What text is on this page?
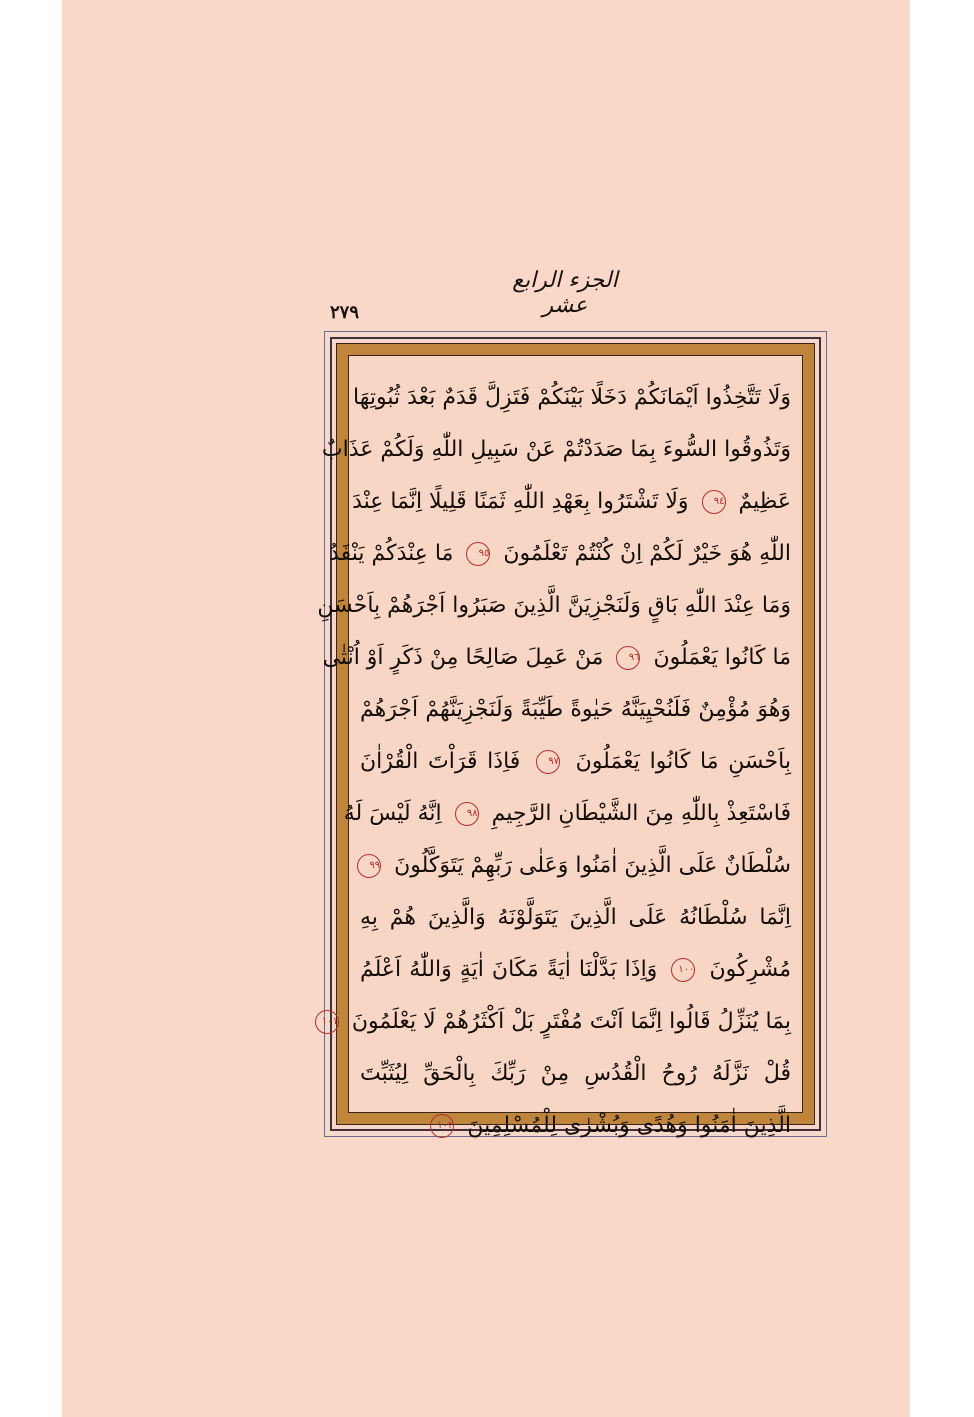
الجزء الرابع عشر
٢٧٩
وَلَا تَتَّخِذُوا اَيْمَانَكُمْ دَخَلًا بَيْنَكُمْ فَتَزِلَّ قَدَمٌ بَعْدَ ثُبُوتِهَا
وَتَذُوقُوا السُّوءَ بِمَا صَدَدْتُمْ عَنْ سَبِيلِ اللّٰهِ وَلَكُمْ عَذَابٌ
عَظِيمٌ ٩٤ وَلَا تَشْتَرُوا بِعَهْدِ اللّٰهِ ثَمَنًا قَلِيلًا اِنَّمَا عِنْدَ
اللّٰهِ هُوَ خَيْرٌ لَكُمْ اِنْ كُنْتُمْ تَعْلَمُونَ ٩٥ مَا عِنْدَكُمْ يَنْفَدُ
وَمَا عِنْدَ اللّٰهِ بَاقٍ وَلَنَجْزِيَنَّ الَّذِينَ صَبَرُوا اَجْرَهُمْ بِاَحْسَنِ
مَا كَانُوا يَعْمَلُونَ ٩٦ مَنْ عَمِلَ صَالِحًا مِنْ ذَكَرٍ اَوْ اُنْثٰى
وَهُوَ مُؤْمِنٌ فَلَنُحْيِيَنَّهُ حَيٰوةً طَيِّبَةً وَلَنَجْزِيَنَّهُمْ اَجْرَهُمْ
بِاَحْسَنِ مَا كَانُوا يَعْمَلُونَ ٩٧ فَاِذَا قَرَاْتَ الْقُرْاٰنَ
فَاسْتَعِذْ بِاللّٰهِ مِنَ الشَّيْطَانِ الرَّجِيمِ ٩٨ اِنَّهُ لَيْسَ لَهُ
سُلْطَانٌ عَلَى الَّذِينَ اٰمَنُوا وَعَلٰى رَبِّهِمْ يَتَوَكَّلُونَ ٩٩
اِنَّمَا سُلْطَانُهُ عَلَى الَّذِينَ يَتَوَلَّوْنَهُ وَالَّذِينَ هُمْ بِهِ
مُشْرِكُونَ ١٠٠ وَاِذَا بَدَّلْنَا اٰيَةً مَكَانَ اٰيَةٍ وَاللّٰهُ اَعْلَمُ
بِمَا يُنَزِّلُ قَالُوا اِنَّمَا اَنْتَ مُفْتَرٍ بَلْ اَكْثَرُهُمْ لَا يَعْلَمُونَ ١٠١
قُلْ نَزَّلَهُ رُوحُ الْقُدُسِ مِنْ رَبِّكَ بِالْحَقِّ لِيُثَبِّتَ
الَّذِينَ اٰمَنُوا وَهُدًى وَبُشْرٰى لِلْمُسْلِمِينَ ١٠٢
